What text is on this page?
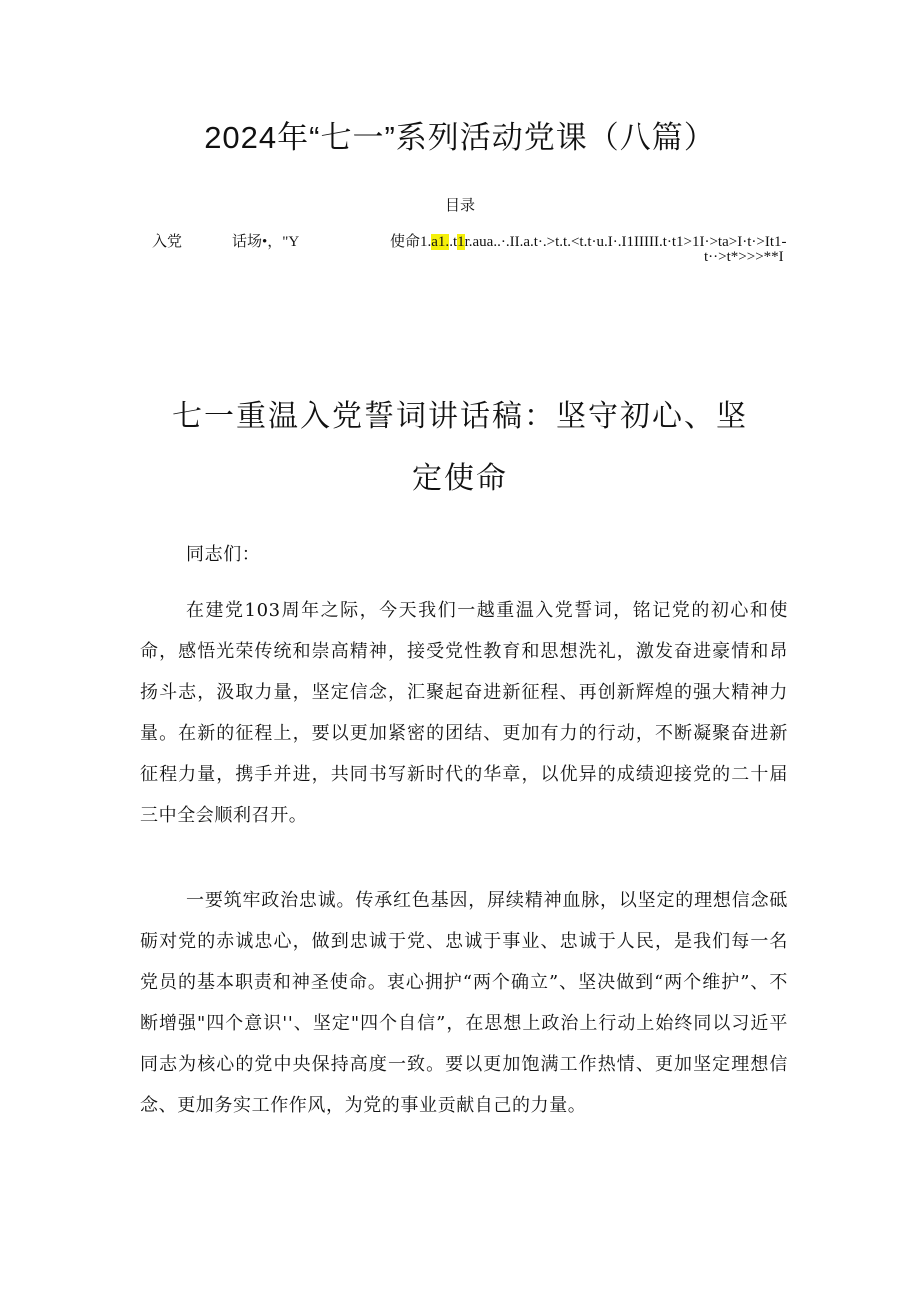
2024年“七一”系列活动党课（八篇）
目录
入党	话场•，"Y	使命1.a1..t1r.aua..·.II.a.t·.>t.t.<t.t·u.I·.I1IIIII.t·t1>1I·>ta>I·t·>It1-
t··>t*>>>**I
七一重温入党誓词讲话稿：坚守初心、坚
定使命

同志们：

在建党103周年之际，今天我们一越重温入党誓词，铭记党的初心和使命，感悟光荣传统和崇高精神，接受党性教育和思想洗礼，激发奋进豪情和昂扬斗志，汲取力量，坚定信念，汇聚起奋进新征程、再创新辉煌的强大精神力量。在新的征程上，要以更加紧密的团结、更加有力的行动，不断凝聚奋进新征程力量，携手并进，共同书写新时代的华章，以优异的成绩迎接党的二十届三中全会顺利召开。

一要筑牢政治忠诚。传承红色基因，屏续精神血脉，以坚定的理想信念砥砺对党的赤诚忠心，做到忠诚于党、忠诚于事业、忠诚于人民，是我们每一名党员的基本职责和神圣使命。衷心拥护“两个确立”、坚决做到“两个维护”、不断增强"四个意识''、坚定"四个自信”，在思想上政治上行动上始终同以习近平同志为核心的党中央保持高度一致。要以更加饱满工作热情、更加坚定理想信念、更加务实工作作风，为党的事业贡献自己的力量。
